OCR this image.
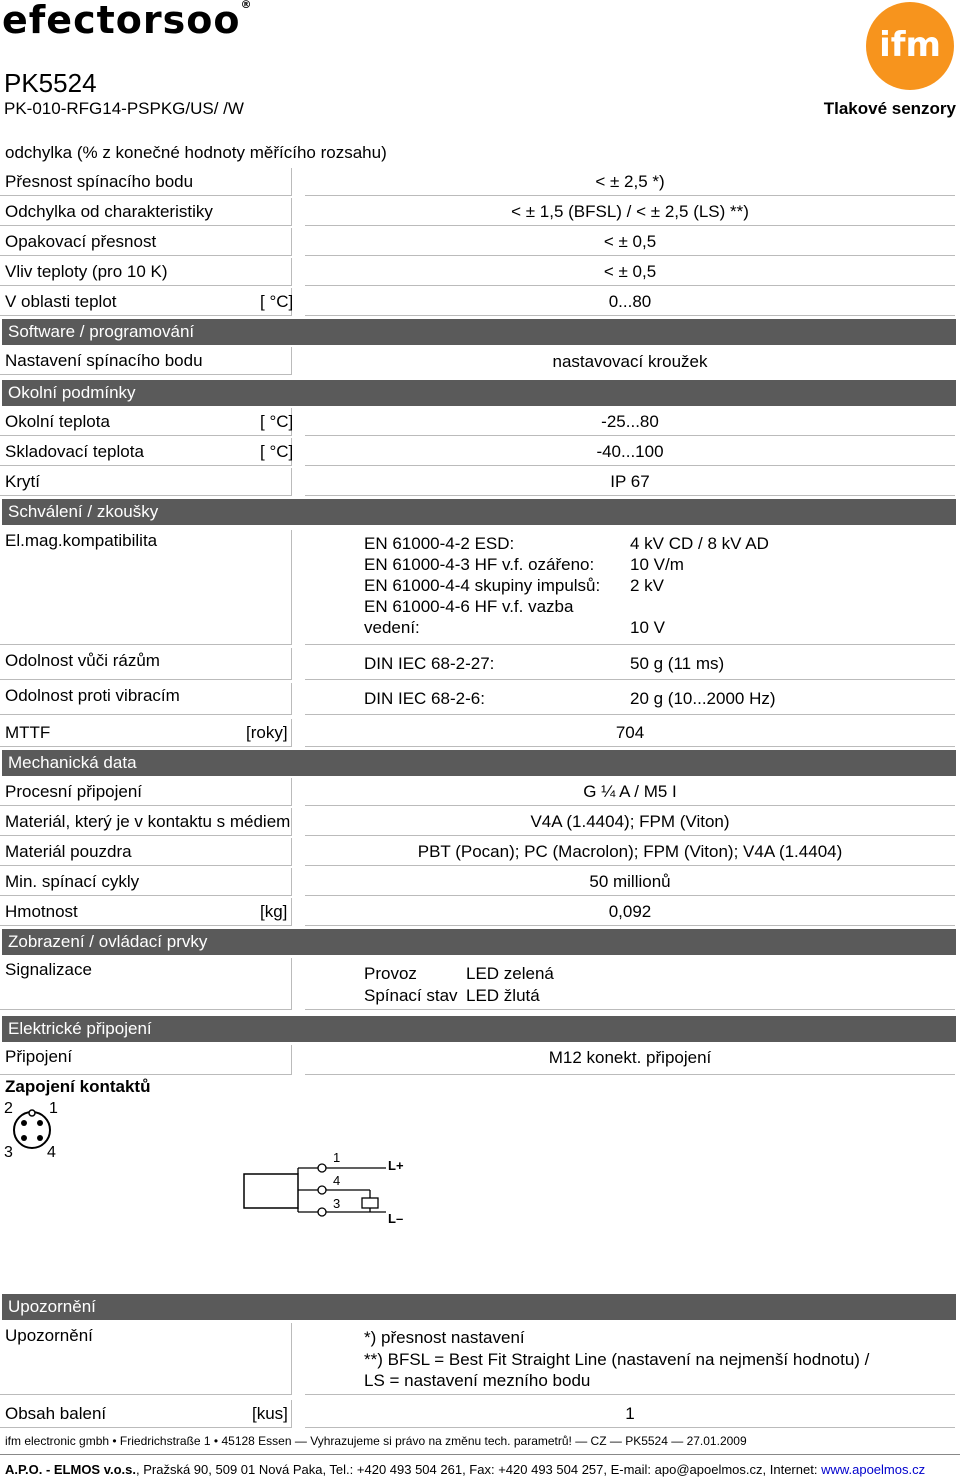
efectorsoo®
ifm
PK5524
PK-010-RFG14-PSPKG/US/ /W	Tlakové senzory
odchylka (% z konečné hodnoty měřícího rozsahu)
Přesnost spínacího bodu	< ± 2,5 *)
Odchylka od charakteristiky	< ± 1,5 (BFSL) / < ± 2,5 (LS) **)
Opakovací přesnost	< ± 0,5
Vliv teploty (pro 10 K)	< ± 0,5
V oblasti teplot	[ °C]	0...80
Software / programování
Nastavení spínacího bodu	nastavovací kroužek
Okolní podmínky
Okolní teplota	[ °C]	-25...80
Skladovací teplota	[ °C]	-40...100
Krytí	IP 67
Schválení / zkoušky
El.mag.kompatibilita	EN 61000-4-2 ESD:	4 kV CD / 8 kV AD
EN 61000-4-3 HF v.f. ozářeno: 10 V/m
EN 61000-4-4 skupiny impulsů: 2 kV
EN 61000-4-6 HF v.f. vazba
vedení:	10 V
Odolnost vůči rázům	DIN IEC 68-2-27:	50 g (11 ms)
Odolnost proti vibracím	DIN IEC 68-2-6:	20 g (10...2000 Hz)
MTTF	[roky]	704
Mechanická data
Procesní připojení	G ¼ A / M5 I
Materiál, který je v kontaktu s médiem	V4A (1.4404); FPM (Viton)
Materiál pouzdra	PBT (Pocan); PC (Macrolon); FPM (Viton); V4A (1.4404)
Min. spínací cykly	50 millionů
Hmotnost	[kg]	0,092
Zobrazení / ovládací prvky
Signalizace	Provoz	LED zelená
Spínací stav LED žlutá
Elektrické připojení
Připojení	M12 konekt. připojení
Zapojení kontaktů
2 1
3 4	1
4
3
L+
L–
Upozornění
Upozornění	*) přesnost nastavení
**) BFSL = Best Fit Straight Line (nastavení na nejmenší hodnotu) /
LS = nastavení mezního bodu
Obsah balení	[kus]	1
ifm electronic gmbh • Friedrichstraße 1 • 45128 Essen — Vyhrazujeme si právo na změnu tech. parametrů! — CZ — PK5524 — 27.01.2009
A.P.O. - ELMOS v.o.s., Pražská 90, 509 01 Nová Paka, Tel.: +420 493 504 261, Fax: +420 493 504 257, E-mail: apo@apoelmos.cz, Internet: www.apoelmos.cz
